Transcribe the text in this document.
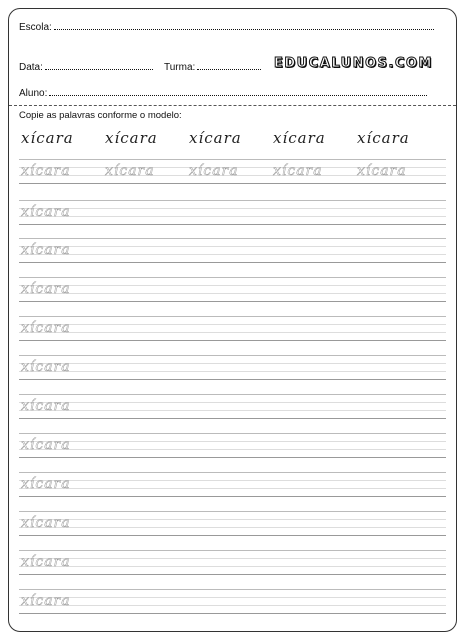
Escola:
Data:	Turma:	EDUCALUNOS.COM
Aluno:
Copie as palavras conforme o modelo:
xícara xícara xícara xícara xícara
xícara xícara xícara xícara xícara
xícara
xícara
xícara
xícara
xícara
xícara
xícara
xícara
xícara
xícara
xícara
